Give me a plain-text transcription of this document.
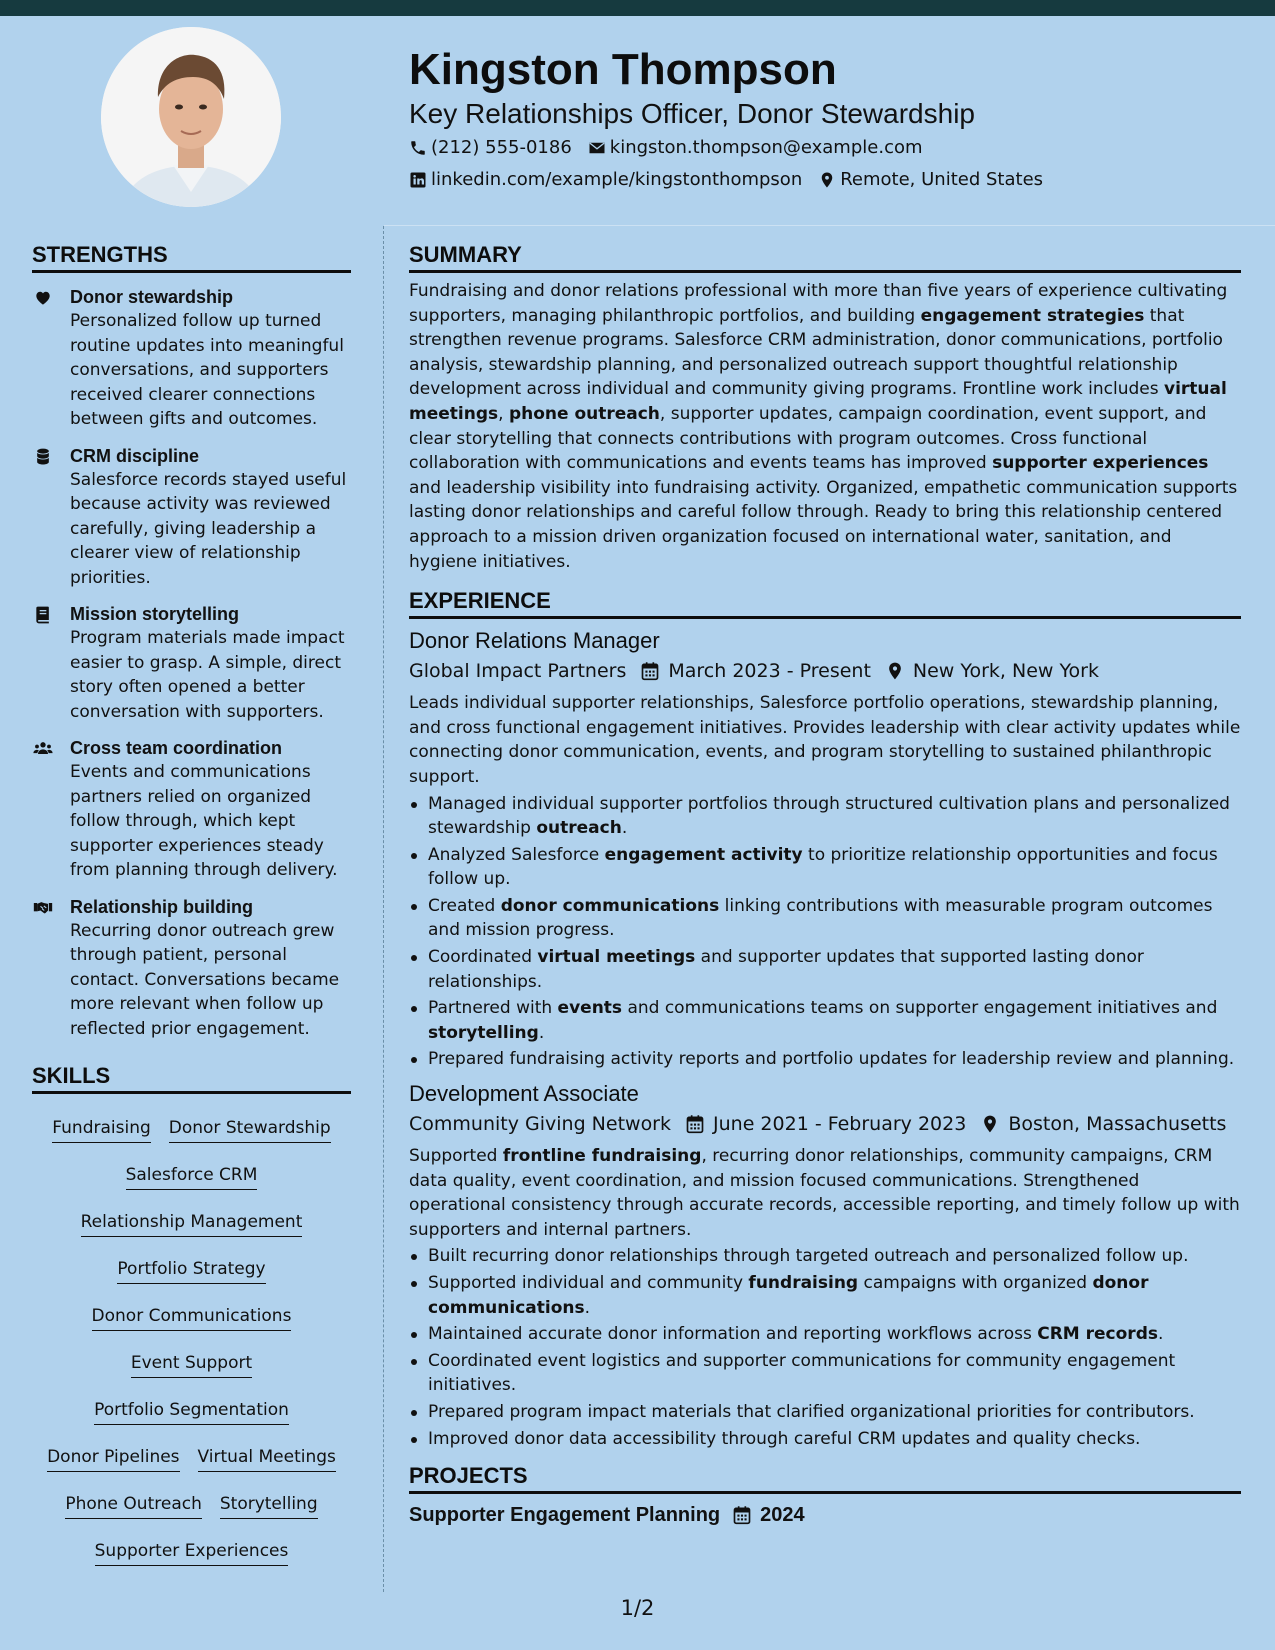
Kingston Thompson
Key Relationships Officer, Donor Stewardship
(212) 555-0186 kingston.thompson@example.com
linkedin.com/example/kingstonthompson Remote, United States
STRENGTHS
Donor stewardship
Personalized follow up turned routine updates into meaningful conversations, and supporters received clearer connections between gifts and outcomes.
CRM discipline
Salesforce records stayed useful because activity was reviewed carefully, giving leadership a clearer view of relationship priorities.
Mission storytelling
Program materials made impact easier to grasp. A simple, direct story often opened a better conversation with supporters.
Cross team coordination
Events and communications partners relied on organized follow through, which kept supporter experiences steady from planning through delivery.
Relationship building
Recurring donor outreach grew through patient, personal contact. Conversations became more relevant when follow up reflected prior engagement.
SKILLS
Fundraising Donor Stewardship
Salesforce CRM
Relationship Management
Portfolio Strategy
Donor Communications
Event Support
Portfolio Segmentation
Donor Pipelines Virtual Meetings
Phone Outreach Storytelling
Supporter Experiences
SUMMARY
Fundraising and donor relations professional with more than five years of experience cultivating supporters, managing philanthropic portfolios, and building engagement strategies that strengthen revenue programs. Salesforce CRM administration, donor communications, portfolio analysis, stewardship planning, and personalized outreach support thoughtful relationship development across individual and community giving programs. Frontline work includes virtual meetings, phone outreach, supporter updates, campaign coordination, event support, and clear storytelling that connects contributions with program outcomes. Cross functional collaboration with communications and events teams has improved supporter experiences and leadership visibility into fundraising activity. Organized, empathetic communication supports lasting donor relationships and careful follow through. Ready to bring this relationship centered approach to a mission driven organization focused on international water, sanitation, and hygiene initiatives.
EXPERIENCE
Donor Relations Manager
Global Impact Partners March 2023 - Present New York, New York
Leads individual supporter relationships, Salesforce portfolio operations, stewardship planning, and cross functional engagement initiatives. Provides leadership with clear activity updates while connecting donor communication, events, and program storytelling to sustained philanthropic support.
Managed individual supporter portfolios through structured cultivation plans and personalized stewardship outreach.
Analyzed Salesforce engagement activity to prioritize relationship opportunities and focus follow up.
Created donor communications linking contributions with measurable program outcomes and mission progress.
Coordinated virtual meetings and supporter updates that supported lasting donor relationships.
Partnered with events and communications teams on supporter engagement initiatives and storytelling.
Prepared fundraising activity reports and portfolio updates for leadership review and planning.
Development Associate
Community Giving Network June 2021 - February 2023 Boston, Massachusetts
Supported frontline fundraising, recurring donor relationships, community campaigns, CRM data quality, event coordination, and mission focused communications. Strengthened operational consistency through accurate records, accessible reporting, and timely follow up with supporters and internal partners.
Built recurring donor relationships through targeted outreach and personalized follow up.
Supported individual and community fundraising campaigns with organized donor communications.
Maintained accurate donor information and reporting workflows across CRM records.
Coordinated event logistics and supporter communications for community engagement initiatives.
Prepared program impact materials that clarified organizational priorities for contributors.
Improved donor data accessibility through careful CRM updates and quality checks.
PROJECTS
Supporter Engagement Planning 2024
1/2
